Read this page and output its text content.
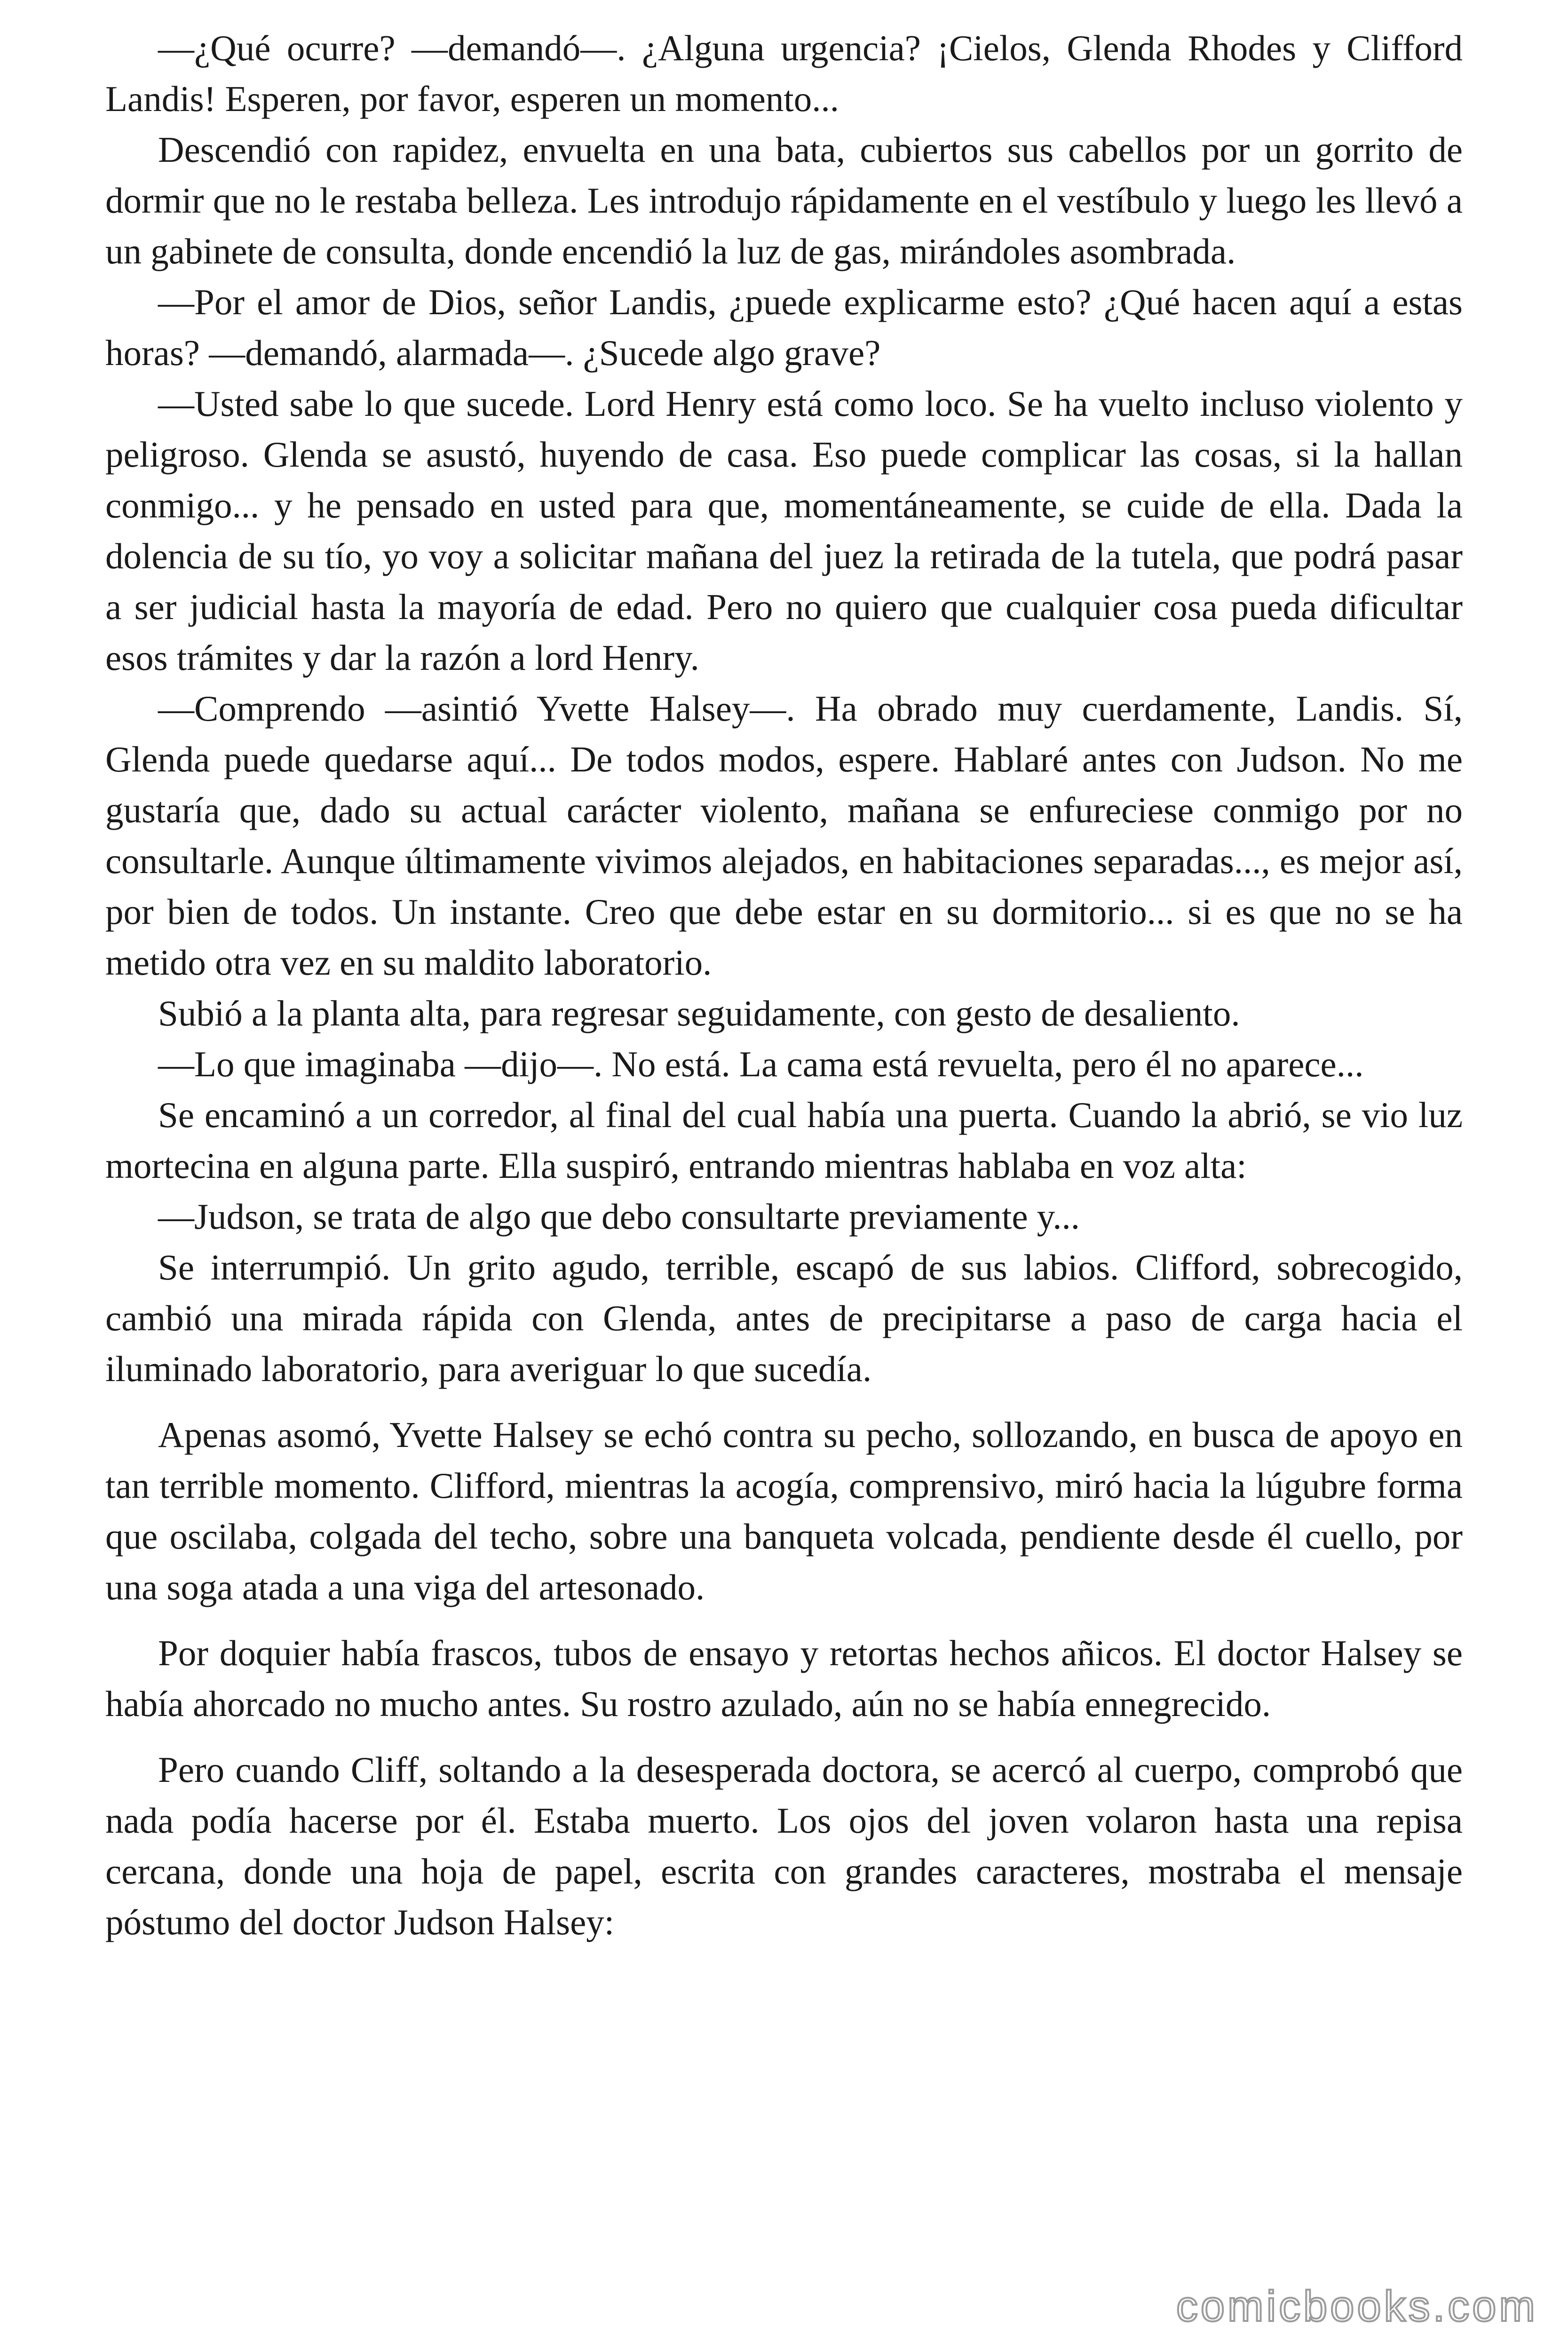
—¿Qué ocurre? —demandó—. ¿Alguna urgencia? ¡Cielos, Glenda Rhodes y Clifford Landis! Esperen, por favor, esperen un momento...

Descendió con rapidez, envuelta en una bata, cubiertos sus cabellos por un gorrito de dormir que no le restaba belleza. Les introdujo rápidamente en el vestíbulo y luego les llevó a un gabinete de consulta, donde encendió la luz de gas, mirándoles asombrada.

—Por el amor de Dios, señor Landis, ¿puede explicarme esto? ¿Qué hacen aquí a estas horas? —demandó, alarmada—. ¿Sucede algo grave?

—Usted sabe lo que sucede. Lord Henry está como loco. Se ha vuelto incluso violento y peligroso. Glenda se asustó, huyendo de casa. Eso puede complicar las cosas, si la hallan conmigo... y he pensado en usted para que, momentáneamente, se cuide de ella. Dada la dolencia de su tío, yo voy a solicitar mañana del juez la retirada de la tutela, que podrá pasar a ser judicial hasta la mayoría de edad. Pero no quiero que cualquier cosa pueda dificultar esos trámites y dar la razón a lord Henry.

—Comprendo —asintió Yvette Halsey—. Ha obrado muy cuerdamente, Landis. Sí, Glenda puede quedarse aquí... De todos modos, espere. Hablaré antes con Judson. No me gustaría que, dado su actual carácter violento, mañana se enfureciese conmigo por no consultarle. Aunque últimamente vivimos alejados, en habitaciones separadas..., es mejor así, por bien de todos. Un instante. Creo que debe estar en su dormitorio... si es que no se ha metido otra vez en su maldito laboratorio.

Subió a la planta alta, para regresar seguidamente, con gesto de desaliento.

—Lo que imaginaba —dijo—. No está. La cama está revuelta, pero él no aparece...

Se encaminó a un corredor, al final del cual había una puerta. Cuando la abrió, se vio luz mortecina en alguna parte. Ella suspiró, entrando mientras hablaba en voz alta:

—Judson, se trata de algo que debo consultarte previamente y...

Se interrumpió. Un grito agudo, terrible, escapó de sus labios. Clifford, sobrecogido, cambió una mirada rápida con Glenda, antes de precipitarse a paso de carga hacia el iluminado laboratorio, para averiguar lo que sucedía.

Apenas asomó, Yvette Halsey se echó contra su pecho, sollozando, en busca de apoyo en tan terrible momento. Clifford, mientras la acogía, comprensivo, miró hacia la lúgubre forma que oscilaba, colgada del techo, sobre una banqueta volcada, pendiente desde él cuello, por una soga atada a una viga del artesonado.

Por doquier había frascos, tubos de ensayo y retortas hechos añicos. El doctor Halsey se había ahorcado no mucho antes. Su rostro azulado, aún no se había ennegrecido.

Pero cuando Cliff, soltando a la desesperada doctora, se acercó al cuerpo, comprobó que nada podía hacerse por él. Estaba muerto. Los ojos del joven volaron hasta una repisa cercana, donde una hoja de papel, escrita con grandes caracteres, mostraba el mensaje póstumo del doctor Judson Halsey:

comicbooks.com
